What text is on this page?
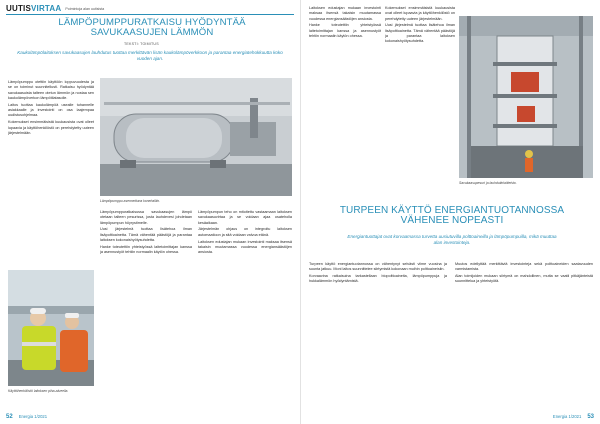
UUTISVIRTAA Poimintoja alan uutisista
LÄMPÖPUMPPURATKAISU HYÖDYNTÄÄ SAVUKAASUJEN LÄMMÖN
TEKSTI: TOIMITUS
Kaukolämpölaitoksen savukaasujen lauhdutus tuottaa merkittävän lisän kaukolämpöverkkoon ja parantaa energiatehokkuutta koko vuoden ajan.

Lämpöpumppu otettiin käyttöön loppuvuodesta ja se on toiminut suunnitellusti. Ratkaisu hyödyntää savukaasuista talteen otetun lämmön ja nostaa sen kaukolämpöverkon lämpötilatasolle.

Laitos tuottaa kaukolämpöä usealle tuhannelle asiakkaalle ja investointi on osa laajempaa uudistusohjelmaa.

Kokemukset ensimmäisistä kuukausista ovat olleet lupaavia ja käyttöhenkilöstö on perehdytetty uuteen järjestelmään.

Lämpöpumppu asennettuna konehalliin.
Käyttöhenkilöstö laitoksen piha-alueella.

Lämpöpumppuratkaisussa savukaasujen lämpö otetaan talteen pesurissa, josta lauhdevesi johdetaan lämpöpumpun höyrystimelle.

Uusi järjestelmä tuottaa lisätehoa ilman lisäpolttoainetta. Tämä vähentää päästöjä ja parantaa laitoksen kokonaishyötysuhdetta.

Hanke toteutettiin yhteistyössä laitetoimittajan kanssa ja asennustyöt tehtiin normaalin käytön ohessa.

Lämpöpumpun teho on mitoitettu vastaamaan laitoksen savukaasuvirtaa ja se voidaan ajaa osateholla kesäaikaan.

Järjestelmän ohjaus on integroitu laitoksen automaatioon ja sitä voidaan valvoa etänä.

Laitoksen edustajan mukaan investointi maksaa itsensä takaisin muutamassa vuodessa energiansäästöjen ansiosta.

52 Energia 1/2021
Savukaasupesuri ja lauhdutinlaitteisto.

Laitoksen edustajan mukaan investointi maksaa itsensä takaisin muutamassa vuodessa energiansäästöjen ansiosta.

Hanke toteutettiin yhteistyössä laitetoimittajan kanssa ja asennustyöt tehtiin normaalin käytön ohessa.

Kokemukset ensimmäisistä kuukausista ovat olleet lupaavia ja käyttöhenkilöstö on perehdytetty uuteen järjestelmään.

Uusi järjestelmä tuottaa lisätehoa ilman lisäpolttoainetta. Tämä vähentää päästöjä ja parantaa laitoksen kokonaishyötysuhdetta.

TURPEEN KÄYTTÖ ENERGIANTUOTANNOSSA VÄHENEE NOPEASTI
Energiantuottajat ovat korvaamassa turvetta uusiutuvilla polttoaineilla ja lämpöpumpuilla, mikä muuttaa alan investointeja.

Turpeen käyttö energiantuotannossa on vähentynyt selvästi viime vuosina ja suunta jatkuu. Moni laitos suunnittelee siirtymistä kokonaan muihin polttoaineisiin.

Korvaavina ratkaisuina tarkastellaan biopolttoaineita, lämpöpumppuja ja hukkalämmön hyödyntämistä.

Muutos edellyttää merkittäviä investointeja sekä polttoaineiden saatavuuden varmistamista.

Alan toimijoiden mukaan siirtymä on mahdollinen, mutta se vaatii pitkäjänteistä suunnittelua ja yhteistyötä.

Energia 1/2021 53
